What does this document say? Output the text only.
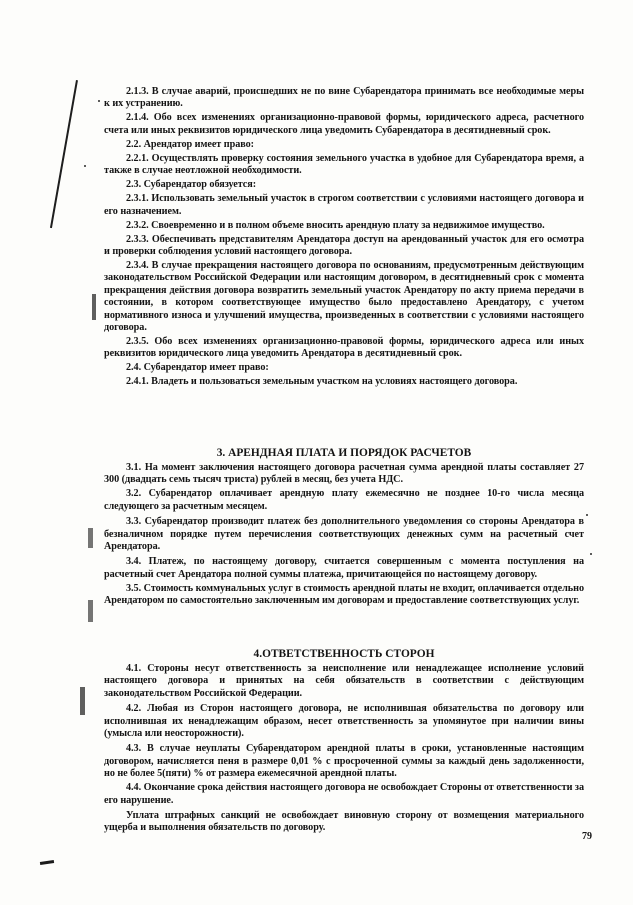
2.1.3. В случае аварий, происшедших не по вине Субарендатора принимать все необходимые меры к их устранению.

2.1.4. Обо всех изменениях организационно-правовой формы, юридического адреса, расчетного счета или иных реквизитов юридического лица уведомить Субарендатора в десятидневный срок.

2.2. Арендатор имеет право:

2.2.1. Осуществлять проверку состояния земельного участка в удобное для Субарендатора время, а также в случае неотложной необходимости.

2.3. Субарендатор обязуется:

2.3.1. Использовать земельный участок в строгом соответствии с условиями настоящего договора и его назначением.

2.3.2. Своевременно и в полном объеме вносить арендную плату за недвижимое имущество.

2.3.3. Обеспечивать представителям Арендатора доступ на арендованный участок для его осмотра и проверки соблюдения условий настоящего договора.

2.3.4. В случае прекращения настоящего договора по основаниям, предусмотренным действующим законодательством Российской Федерации или настоящим договором, в десятидневный срок с момента прекращения действия договора возвратить земельный участок Арендатору по акту приема передачи в состоянии, в котором соответствующее имущество было предоставлено Арендатору, с учетом нормативного износа и улучшений имущества, произведенных в соответствии с условиями настоящего договора.

2.3.5. Обо всех изменениях организационно-правовой формы, юридического адреса или иных реквизитов юридического лица уведомить Арендатора в десятидневный срок.

2.4. Субарендатор имеет право:

2.4.1. Владеть и пользоваться земельным участком на условиях настоящего договора.

3. АРЕНДНАЯ ПЛАТА И ПОРЯДОК РАСЧЕТОВ

3.1. На момент заключения настоящего договора расчетная сумма арендной платы составляет 27 300 (двадцать семь тысяч триста) рублей в месяц, без учета НДС.

3.2. Субарендатор оплачивает арендную плату ежемесячно не позднее 10-го числа месяца следующего за расчетным месяцем.

3.3. Субарендатор производит платеж без дополнительного уведомления со стороны Арендатора в безналичном порядке путем перечисления соответствующих денежных сумм на расчетный счет Арендатора.

3.4. Платеж, по настоящему договору, считается совершенным с момента поступления на расчетный счет Арендатора полной суммы платежа, причитающейся по настоящему договору.

3.5. Стоимость коммунальных услуг в стоимость арендной платы не входит, оплачивается отдельно Арендатором по самостоятельно заключенным им договорам и предоставление соответствующих услуг.

4.ОТВЕТСТВЕННОСТЬ СТОРОН

4.1. Стороны несут ответственность за неисполнение или ненадлежащее исполнение условий настоящего договора и принятых на себя обязательств в соответствии с действующим законодательством Российской Федерации.

4.2. Любая из Сторон настоящего договора, не исполнившая обязательства по договору или исполнившая их ненадлежащим образом, несет ответственность за упомянутое при наличии вины (умысла или неосторожности).

4.3. В случае неуплаты Субарендатором арендной платы в сроки, установленные настоящим договором, начисляется пеня в размере 0,01 % с просроченной суммы за каждый день задолженности, но не более 5(пяти) % от размера ежемесячной арендной платы.

4.4. Окончание срока действия настоящего договора не освобождает Стороны от ответственности за его нарушение.

Уплата штрафных санкций не освобождает виновную сторону от возмещения материального ущерба и выполнения обязательств по договору.

79
